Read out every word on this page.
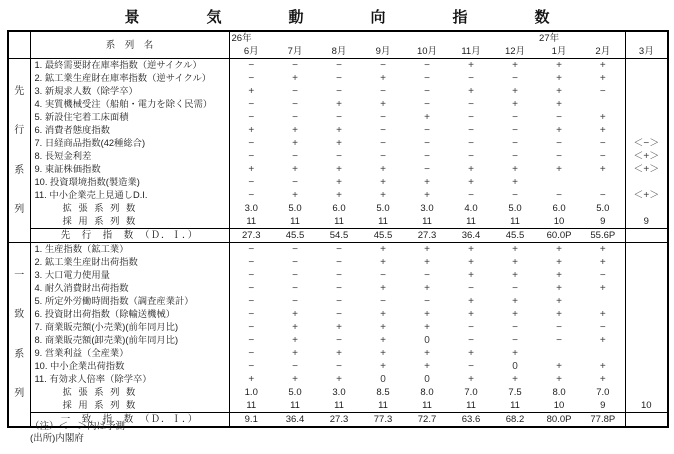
景　気　動　向　指　数
	系　列　名	26年							27年		
		6月	7月	8月	9月	10月	11月	12月	1月	2月	3月

先
行
系
列	1. 最終需要財在庫率指数（逆サイクル）	−	−	−	−	−	+	+	+	+	
	2. 鉱工業生産財在庫率指数（逆サイクル）	−	+	−	+	−	−	−	+	+	
	3. 新規求人数（除学卒）	+	−	−	−	−	+	+	+	−	
	4. 実質機械受注（船舶・電力を除く民需）	−	−	+	+	−	−	+	+		
	5. 新設住宅着工床面積	−	−	−	−	+	−	−	−	+	
	6. 消費者態度指数	+	+	+	−	−	−	−	+	+	
	7. 日経商品指数(42種総合)	−	+	+	−	−	−	−	−	−	＜−＞
	8. 長短金利差	−	−	−	−	−	−	−	−	−	＜+＞
	9. 東証株価指数	+	+	+	+	−	+	+	+	+	＜+＞
	10. 投資環境指数(製造業)	−	−	+	+	+	+	+			
	11. 中小企業売上見通しD.I.	−	+	+	+	+	−	−	−	−	＜+＞
	拡 張 系 列 数	3.0	5.0	6.0	5.0	3.0	4.0	5.0	6.0	5.0	
	採 用 系 列 数	11	11	11	11	11	11	11	10	9	9
	先　行　指　数　（Ｄ．Ｉ．）	27.3	45.5	54.5	45.5	27.3	36.4	45.5	60.0P	55.6P	

一
致
系
列	1. 生産指数（鉱工業）	−	−	−	+	+	+	+	+	+	
	2. 鉱工業生産財出荷指数	−	−	−	+	+	+	+	+	+	
	3. 大口電力使用量	−	−	−	−	−	+	+	+	−	
	4. 耐久消費財出荷指数	−	−	−	+	+	−	−	+	+	
	5. 所定外労働時間指数（調査産業計）	−	−	−	−	−	+	+	+		
	6. 投資財出荷指数（除輸送機械）	−	+	−	+	+	+	+	+	+	
	7. 商業販売額(小売業)(前年同月比)	−	+	+	+	+	−	−	−	−	
	8. 商業販売額(卸売業)(前年同月比)	−	+	−	+	0	−	−	−	+	
	9. 営業利益（全産業）	−	+	+	+	+	+	+			
	10. 中小企業出荷指数	−	−	−	+	+	−	0	+	+	
	11. 有効求人倍率（除学卒）	+	+	+	0	0	+	+	+	+	
	拡 張 系 列 数	1.0	5.0	3.0	8.5	8.0	7.0	7.5	8.0	7.0	
	採 用 系 列 数	11	11	11	11	11	11	11	10	9	10
	一　致　指　数　（Ｄ．Ｉ．）	9.1	36.4	27.3	77.3	72.7	63.6	68.2	80.0P	77.8P	
（注）＜　＞内は予測
(出所)内閣府
